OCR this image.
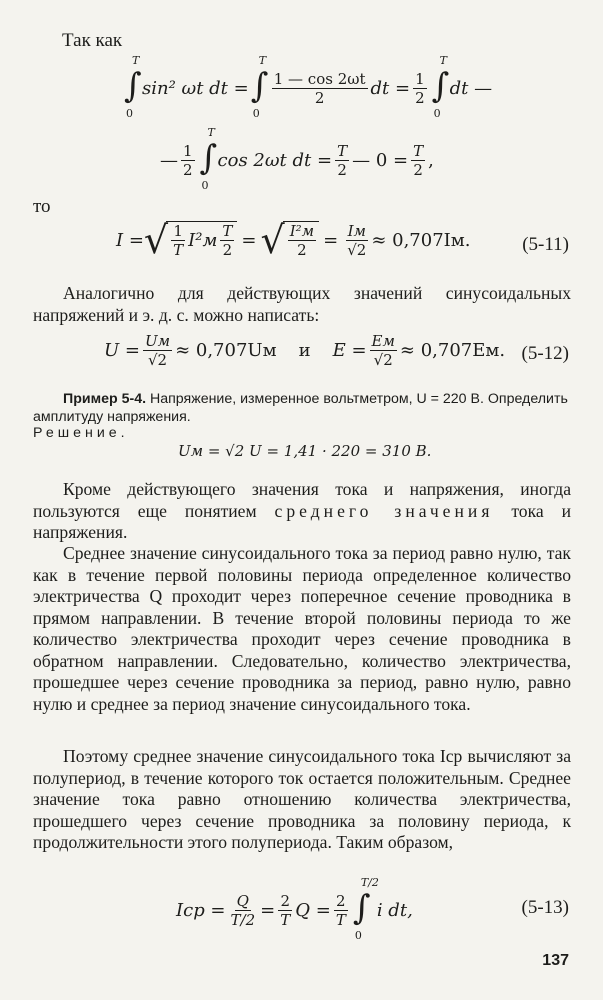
Так как
∫
T
0
sin² ωt dt = ∫
T
0
$\frac{1 — \cos 2\omega t}{2}$ dt = $\frac{1}{2}$ ∫
T
0
dt —
— $\frac{1}{2}$ ∫
T
0
cos 2ωt dt = $\frac{T}{2}$ — $0 = \frac{T}{2}$ ,
то
I = √ $\frac{1}{T} I^2м \frac{T}{2}$ = √ $\frac{\text{I²м}}{2} = \frac{Iм}{√2} \approx 0,707Iм$.	(5-11)
Аналогично для действующих значений синусоидальных напряжений и э. д. с. можно написать:
$U = \frac{Uм}{√2} \approx 0,707Uм$ и $E = \frac{Eм}{√2} \approx 0,707Eм$. (5-12)
Пример 5-4. Напряжение, измеренное вольтметром, U = 220 В. Определить амплитуду напряжения.
Решение.
Uм = √2 U = 1,41 · 220 = 310 В.
Кроме действующего значения тока и напряжения, иногда пользуются еще понятием среднего значения тока и напряжения.
Среднее значение синусоидального тока за период равно нулю, так как в течение первой половины периода определенное количество электричества Q проходит через поперечное сечение проводника в прямом направлении. В течение второй половины периода то же количество электричества проходит через сечение проводника в обратном направлении. Следовательно, количество электричества, прошедшее через сечение проводника за период, равно нулю, равно нулю и среднее за период значение синусоидального тока.
Поэтому среднее значение синусоидального тока Iср вычисляют за полупериод, в течение которого ток остается положительным. Среднее значение тока равно отношению количества электричества, прошедшего через сечение проводника за половину периода, к продолжительности этого полупериода. Таким образом,
Iср = $\frac{Q}{T/2} = \frac{2}{T}$ $Q = \frac{2}{T}$ ∫
T/2
0
i dt,	(5-13)
137
